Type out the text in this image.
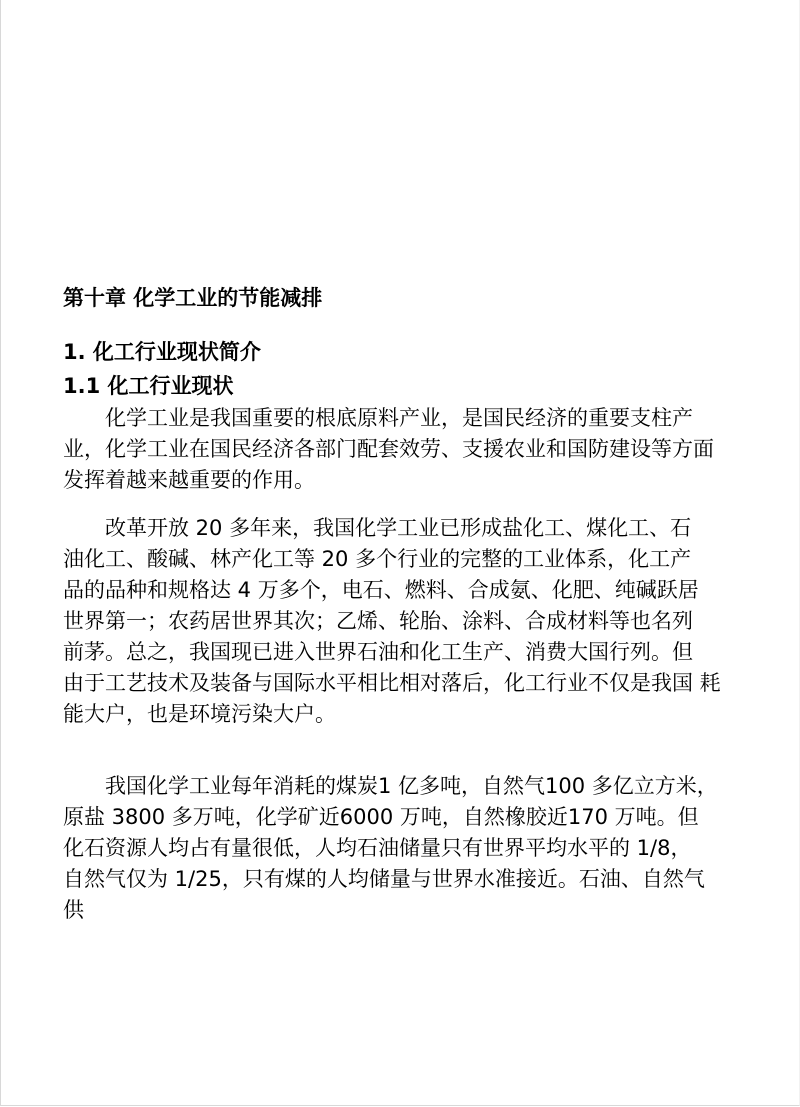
第十章 化学工业的节能减排
1. 化工行业现状简介
1.1 化工行业现状

化学工业是我国重要的根底原料产业，是国民经济的重要支柱产
业，化学工业在国民经济各部门配套效劳、支援农业和国防建设等方面
发挥着越来越重要的作用。

改革开放 20 多年来，我国化学工业已形成盐化工、煤化工、石
油化工、酸碱、林产化工等 20 多个行业的完整的工业体系，化工产
品的品种和规格达 4 万多个，电石、燃料、合成氨、化肥、纯碱跃居
世界第一；农药居世界其次；乙烯、轮胎、涂料、合成材料等也名列
前茅。总之，我国现已进入世界石油和化工生产、消费大国行列。但
由于工艺技术及装备与国际水平相比相对落后，化工行业不仅是我国 耗
能大户，也是环境污染大户。

我国化学工业每年消耗的煤炭1 亿多吨，自然气100 多亿立方米，
原盐 3800 多万吨，化学矿近6000 万吨，自然橡胶近170 万吨。但
化石资源人均占有量很低，人均石油储量只有世界平均水平的 1/8，
自然气仅为 1/25，只有煤的人均储量与世界水准接近。石油、自然气
供
